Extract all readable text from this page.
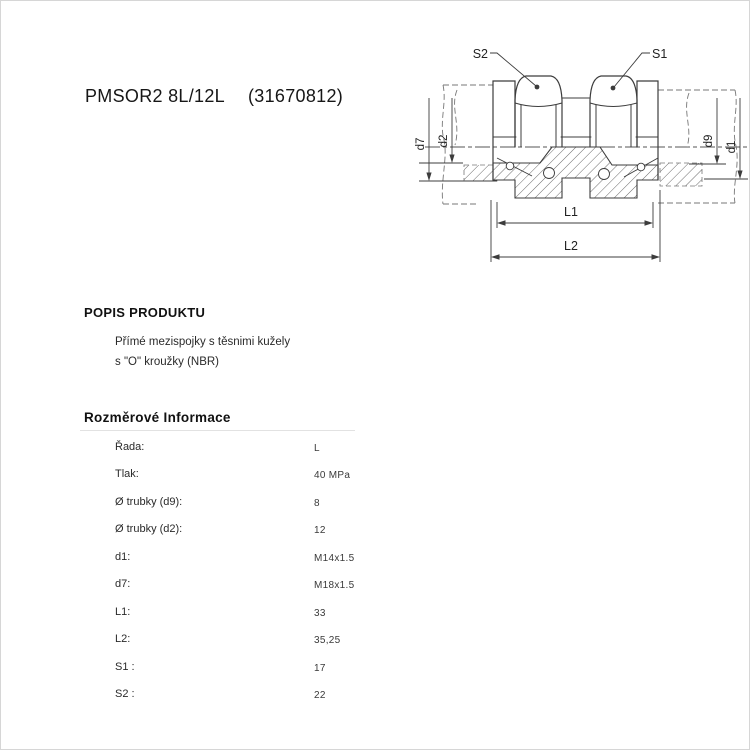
S2	S1
d7 d2	d9 d1
L1
L2
PMSOR2 8L/12L (31670812)
POPIS PRODUKTU
Přímé mezispojky s těsnimi kužely
s "O" kroužky (NBR)
Rozměrové Informace
Řada:	L
Tlak:	40 MPa
Ø trubky (d9):	8
Ø trubky (d2):	12
d1:	M14x1.5
d7:	M18x1.5
L1:	33
L2:	35,25
S1 :	17
S2 :	22
